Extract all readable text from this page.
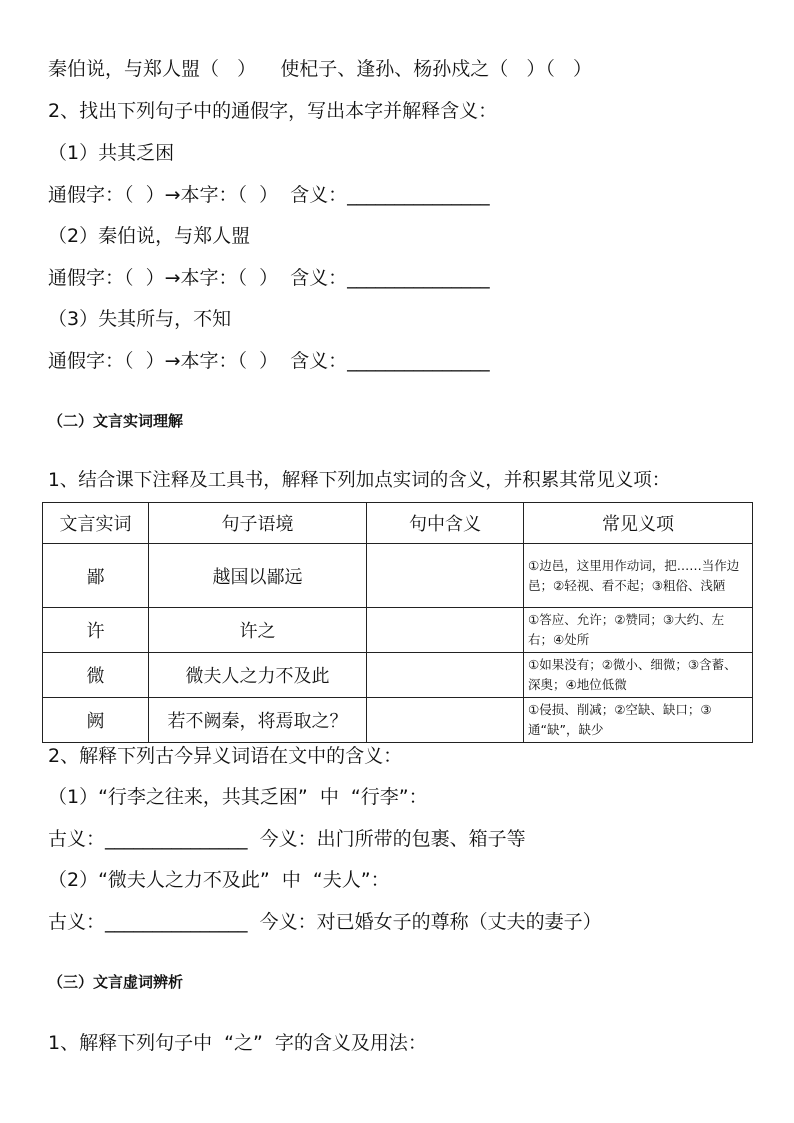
秦伯说，与郑人盟（   ）    使杞子、逢孙、杨孙戍之（   ）（   ）
2、找出下列句子中的通假字，写出本字并解释含义：
（1）共其乏困
通假字：（  ）→本字：（  ）  含义：_______________
（2）秦伯说，与郑人盟
通假字：（  ）→本字：（  ）  含义：_______________
（3）失其所与，不知
通假字：（  ）→本字：（  ）  含义：_______________
（二）文言实词理解
1、结合课下注释及工具书，解释下列加点实词的含义，并积累其常见义项：
文言实词	句子语境	句中含义	常见义项
鄙	越国以鄙远		①边邑，这里用作动词，把……当作边邑；②轻视、看不起；③粗俗、浅陋
许	许之		①答应、允许；②赞同；③大约、左右；④处所
微	微夫人之力不及此		①如果没有；②微小、细微；③含蓄、深奥；④地位低微
阙	若不阙秦，将焉取之？		①侵损、削减；②空缺、缺口；③通“缺”，缺少
2、解释下列古今异义词语在文中的含义：
（1）“行李之往来，共其乏困”  中  “行李”：
古义：_______________  今义：出门所带的包裹、箱子等
（2）“微夫人之力不及此”  中  “夫人”：
古义：_______________  今义：对已婚女子的尊称（丈夫的妻子）
（三）文言虚词辨析
1、解释下列句子中  “之”  字的含义及用法：
